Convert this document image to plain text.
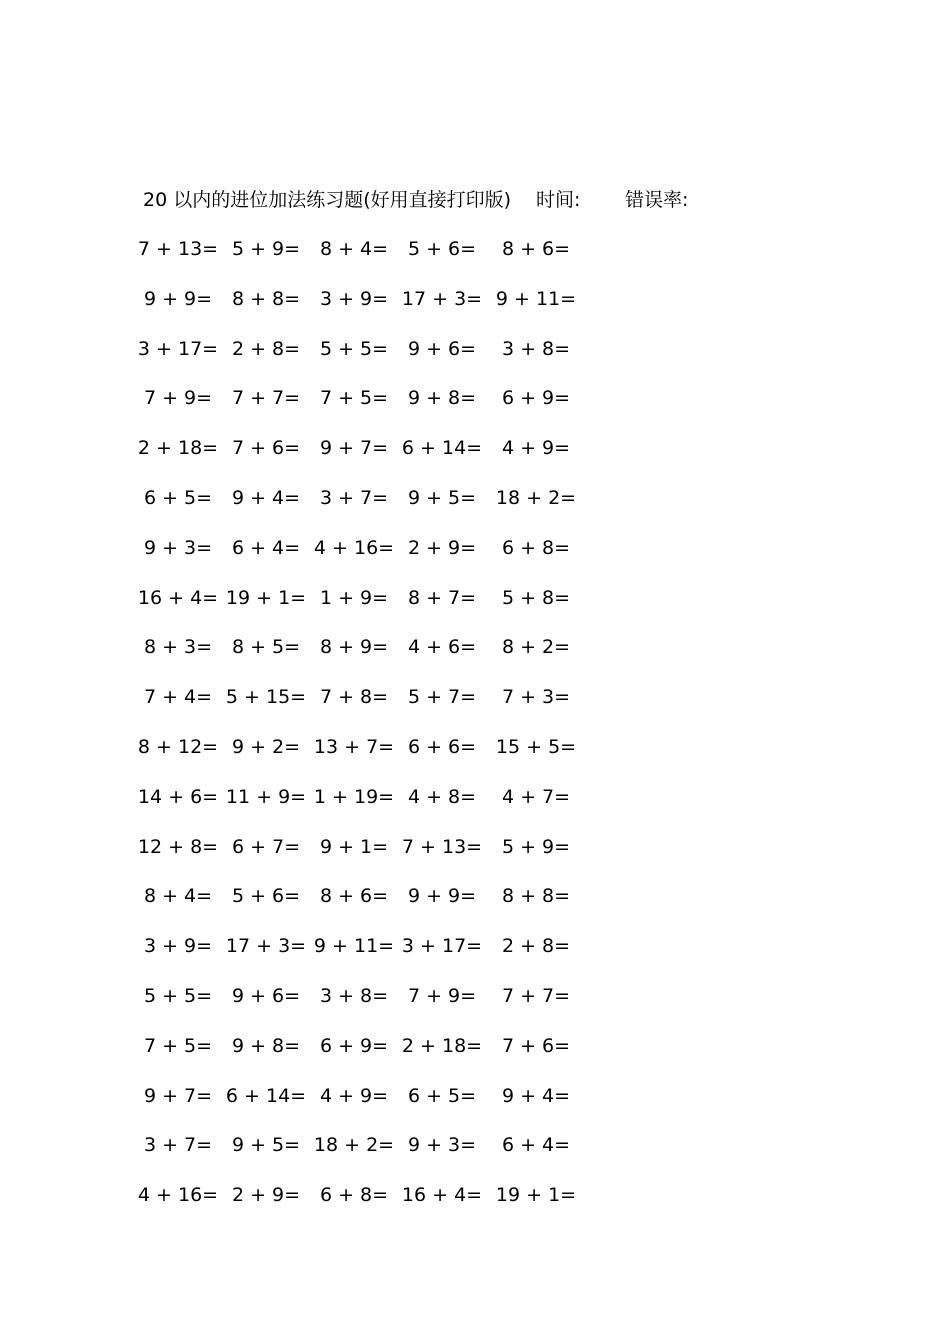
20 以内的进位加法练习题(好用直接打印版) 时间: 错误率:
7 + 13= 5 + 9=	8 + 4=	5 + 6=	8 + 6=
9 + 9=	8 + 8=	3 + 9= 17 + 3= 9 + 11=
3 + 17= 2 + 8=	5 + 5=	9 + 6=	3 + 8=
7 + 9=	7 + 7=	7 + 5=	9 + 8=	6 + 9=
2 + 18= 7 + 6=	9 + 7= 6 + 14=	4 + 9=
6 + 5=	9 + 4=	3 + 7=	9 + 5=	18 + 2=
9 + 3=	6 + 4= 4 + 16= 2 + 9=	6 + 8=
16 + 4= 19 + 1= 1 + 9=	8 + 7=	5 + 8=
8 + 3=	8 + 5=	8 + 9=	4 + 6=	8 + 2=
7 + 4= 5 + 15= 7 + 8=	5 + 7=	7 + 3=
8 + 12= 9 + 2= 13 + 7= 6 + 6=	15 + 5=
14 + 6= 11 + 9= 1 + 19= 4 + 8=	4 + 7=
12 + 8= 6 + 7=	9 + 1= 7 + 13=	5 + 9=
8 + 4=	5 + 6=	8 + 6=	9 + 9=	8 + 8=
3 + 9= 17 + 3= 9 + 11= 3 + 17=	2 + 8=
5 + 5=	9 + 6=	3 + 8=	7 + 9=	7 + 7=
7 + 5=	9 + 8=	6 + 9= 2 + 18=	7 + 6=
9 + 7= 6 + 14= 4 + 9=	6 + 5=	9 + 4=
3 + 7=	9 + 5= 18 + 2= 9 + 3=	6 + 4=
4 + 16= 2 + 9=	6 + 8= 16 + 4= 19 + 1=
